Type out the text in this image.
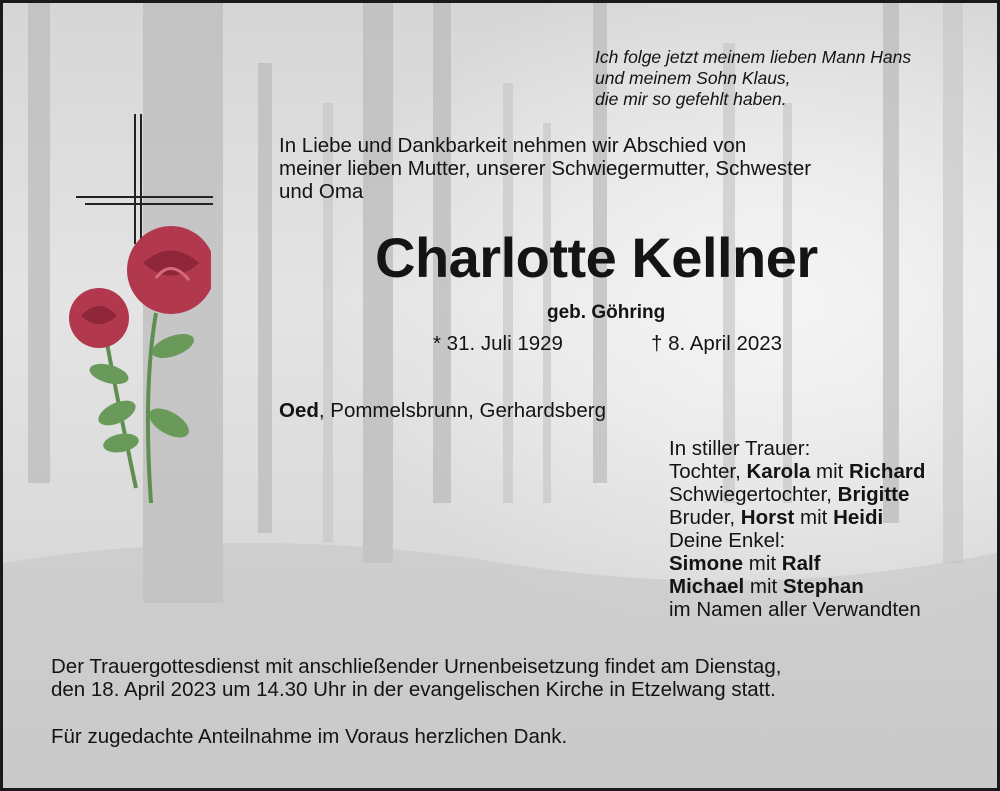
Ich folge jetzt meinem lieben Mann Hans
und meinem Sohn Klaus,
die mir so gefehlt haben.
In Liebe und Dankbarkeit nehmen wir Abschied von
meiner lieben Mutter, unserer Schwiegermutter, Schwester
und Oma
Charlotte Kellner
geb. Göhring
* 31. Juli 1929	† 8. April 2023
Oed, Pommelsbrunn, Gerhardsberg
In stiller Trauer:
Tochter, Karola mit Richard
Schwiegertochter, Brigitte
Bruder, Horst mit Heidi
Deine Enkel:
Simone mit Ralf
Michael mit Stephan
im Namen aller Verwandten
Der Trauergottesdienst mit anschließender Urnenbeisetzung findet am Dienstag,
den 18. April 2023 um 14.30 Uhr in der evangelischen Kirche in Etzelwang statt.
Für zugedachte Anteilnahme im Voraus herzlichen Dank.
